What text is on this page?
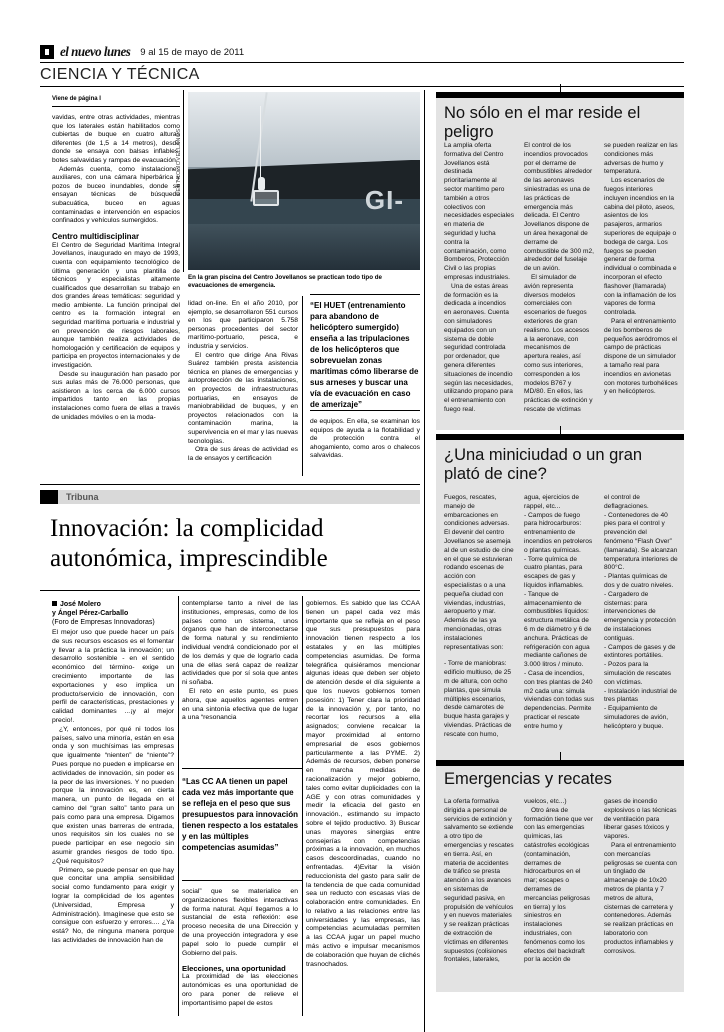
el nuevo lunes 9 al 15 de mayo de 2011
CIENCIA Y TÉCNICA
Viene de página I

vavidas, entre otras actividades, mientras que los laterales están habilitados como cubiertas de buque en cuatro alturas diferentes (de 1,5 a 14 metros), desde donde se ensaya con balsas inflables, botes salvavidas y rampas de evacuación.

Además cuenta, como instalaciones auxiliares, con una cámara hiperbárica y pozos de buceo inundables, donde se ensayan técnicas de búsqueda subacuática, buceo en aguas contaminadas e intervención en espacios confinados y vehículos sumergidos.

Centro multidisciplinar

El Centro de Seguridad Marítima Integral Jovellanos, inaugurado en mayo de 1993, cuenta con equipamiento tecnológico de última generación y una plantilla de técnicos y especialistas altamente cualificados que desarrollan su trabajo en dos grandes áreas temáticas: seguridad y medio ambiente. La función principal del centro es la formación integral en seguridad marítima portuaria e industrial y en prevención de riesgos laborales, aunque también realiza actividades de homologación y certificación de equipos y participa en proyectos internacionales y de investigación.

Desde su inauguración han pasado por sus aulas más de 76.000 personas, que asistieron a los cerca de 6.000 cursos impartidos tanto en las propias instalaciones como fuera de ellas a través de unidades móviles o en la moda-

GI-
CENTRO JOVELLANOS
En la gran piscina del Centro Jovellanos se practican todo tipo de evacuaciones de emergencia.

lidad on-line. En el año 2010, por ejemplo, se desarrollaron 551 cursos en los que participaron 5.758 personas procedentes del sector marítimo-portuario, pesca, e industria y servicios.

El centro que dirige Ana Rivas Suárez también presta asistencia técnica en planes de emergencias y autoprotección de las instalaciones, en proyectos de infraestructuras portuarias, en ensayos de maniobrabilidad de buques, y en proyectos relacionados con la contaminación marina, la supervivencia en el mar y las nuevas tecnologías.

Otra de sus áreas de actividad es la de ensayos y certificación

“El HUET (entrenamiento para abandono de helicóptero sumergido) enseña a las tripulaciones de los helicópteros que sobrevuelan zonas marítimas cómo liberarse de sus arneses y buscar una vía de evacuación en caso de amerizaje”

de equipos. En ella, se examinan los equipos de ayuda a la flotabilidad y de protección contra el ahogamiento, como aros o chalecos salvavidas.

Tribuna
Innovación: la complicidad autonómica, imprescindible
José Molero
y Ángel Pérez-Carballo
(Foro de Empresas Innovadoras)

El mejor uso que puede hacer un país de sus recursos escasos es el fomentar y llevar a la práctica la innovación; un desarrollo sostenible - en el sentido económico del término- exige un crecimiento importante de las exportaciones y eso implica un producto/servicio de innovación, con perfil de características, prestaciones y calidad dominantes ...¡y al mejor precio!.

¿Y, entonces, por qué ni todos los países, salvo una minoría, están en esa onda y son muchísimas las empresas que igualmente “nienten” de “niente”? Pues porque no pueden e implicarse en actividades de innovación, sin poder es la peor de las inversiones. Y no pueden porque la innovación es, en cierta manera, un punto de llegada en el camino del “gran salto” tanto para un país como para una empresa. Digamos que existen unas barreras de entrada, unos requisitos sin los cuales no se puede participar en ese negocio sin asumir grandes riesgos de todo tipo. ¿Qué requisitos?

Primero, se puede pensar en que hay que concitar una amplia sensibilidad social como fundamento para exigir y lograr la complicidad de los agentes (Universidad, Empresa y Administración). Imagínese que esto se consigue con esfuerzo y errores.... ¿Ya está? No, de ninguna manera porque las actividades de innovación han de

contemplarse tanto a nivel de las instituciones, empresas, como de los países como un sistema, unos órganos que han de interconectarse de forma natural y su rendimiento individual vendrá condicionado por el de los demás y que de lograrlo cada una de ellas será capaz de realizar actividades que por sí sola que antes ni soñaba.

El reto en este punto, es pues ahora, que aquellos agentes entren en una sintonía efectiva que de lugar a una “resonancia

“Las CC AA tienen un papel cada vez más importante que se refleja en el peso que sus presupuestos para innovación tienen respecto a los estatales y en las múltiples competencias asumidas”

social” que se materialice en organizaciones flexibles interactivas de forma natural. Aquí llegamos a lo sustancial de esta reflexión: ese proceso necesita de una Dirección y de una proyección integradora y ese papel solo lo puede cumplir el Gobierno del país.

Elecciones, una oportunidad

La proximidad de las elecciones autonómicas es una oportunidad de oro para poner de relieve el importantísimo papel de estos

gobiernos. Es sabido que las CCAA tienen un papel cada vez más importante que se refleja en el peso que sus presupuestos para innovación tienen respecto a los estatales y en las múltiples competencias asumidas. De forma telegráfica quisiéramos mencionar algunas ideas que deben ser objeto de atención desde el día siguiente a que los nuevos gobiernos tomen posesión: 1) Tener clara la prioridad de la innovación y, por tanto, no recortar los recursos a ella asignados; conviene recalcar la mayor proximidad al entorno empresarial de esos gobiernos particularmente a las PYME. 2) Además de recursos, deben ponerse en marcha medidas de racionalización y mejor gobierno, tales como evitar duplicidades con la AGE y con otras comunidades y medir la eficacia del gasto en innovación., estimando su impacto sobre el tejido productivo. 3) Buscar unas mayores sinergias entre consejerías con competencias próximas a la innovación, en muchos casos descoordinadas, cuando no enfrentadas. 4)Evitar la visión reduccionista del gasto para salir de la tendencia de que cada comunidad sea un reducto con escasas vías de colaboración entre comunidades. En lo relativo a las relaciones entre las universidades y las empresas, las competencias acumuladas permiten a las CCAA jugar un papel mucho más activo e impulsar mecanismos de colaboración que huyan de clichés trasnochados.

No sólo en el mar reside el peligro

La amplia oferta formativa del Centro Jovellanos está destinada prioritariamente al sector marítimo pero también a otros colectivos con necesidades especiales en materia de seguridad y lucha contra la contaminación, como Bomberos, Protección Civil o las propias empresas industriales.

Una de estas áreas de formación es la dedicada a incendios en aeronaves. Cuenta con simuladores equipados con un sistema de doble seguridad controlada por ordenador, que genera diferentes situaciones de incendio según las necesidades, utilizando propano para el entrenamiento con fuego real.

El control de los incendios provocados por el derrame de combustibles alrededor de las aeronaves siniestradas es una de las prácticas de emergencia más delicada. El Centro Jovellanos dispone de un área hexagonal de derrame de combustible de 300 m2, alrededor del fuselaje de un avión.

El simulador de avión representa diversos modelos comerciales con escenarios de fuegos exteriores de gran realismo. Los accesos a la aeronave, con mecanismos de apertura reales, así como sus interiores, corresponden a los modelos B767 y MD/80. En ellos, las prácticas de extinción y rescate de víctimas

se pueden realizar en las condiciones más adversas de humo y temperatura.

Los escenarios de fuegos interiores incluyen incendios en la cabina del piloto, aseos, asientos de los pasajeros, armarios superiores de equipaje o bodega de carga. Los fuegos se pueden generar de forma individual o combinada e incorporan el efecto flashover (llamarada) con la inflamación de los vapores de forma controlada.

Para el entrenamiento de los bomberos de pequeños aeródromos el campo de prácticas dispone de un simulador a tamaño real para incendios en avionetas con motores turbohélices y en helicópteros.

¿Una miniciudad o un gran plató de cine?

Fuegos, rescates, manejo de embarcaciones en condiciones adversas. El devenir del centro Jovellanos se asemeja al de un estudio de cine en el que se estuvieran rodando escenas de acción con especialistas o a una pequeña ciudad con viviendas, industrias, aeropuerto y mar. Además de las ya mencionadas, otras instalaciones representativas son:

- Torre de maniobras: edificio multiuso, de 25 m de altura, con ocho plantas, que simula múltiples escenarios, desde camarotes de buque hasta garajes y viviendas. Prácticas de rescate con humo,

agua, ejercicios de rappel, etc...

- Campos de fuego para hidrocarburos: entrenamiento de incendios en petroleros o plantas químicas.

- Torre química de cuatro plantas, para escapes de gas y líquidos inflamables.

- Tanque de almacenamiento de combustibles líquidos: estructura metálica de 6 m de diámetro y 6 de anchura. Prácticas de refrigeración con agua mediante cañones de 3.000 litros / minuto.

- Casa de incendios, con tres plantas de 240 m2 cada una: simula viviendas con todas sus dependencias. Permite practicar el rescate entre humo y

el control de deflagraciones.

- Contenedores de 40 pies para el control y prevención del fenómeno “Flash Over” (llamarada). Se alcanzan temperatura interiores de 800°C.

- Plantas químicas de dos y de cuatro niveles.

- Cargadero de cisternas: para intervenciones de emergencia y protección de instalaciones contiguas.

- Campos de gases y de extintores portátiles.

- Pozos para la simulación de rescates con víctimas.

- Instalación industrial de tres plantas

- Equipamiento de simuladores de avión, helicóptero y buque.

Emergencias y recates

La oferta formativa dirigida a personal de servicios de extinción y salvamento se extiende a otro tipo de emergencias y rescates en tierra. Así, en materia de accidentes de tráfico se presta atención a los avances en sistemas de seguridad pasiva, en propulsión de vehículos y en nuevos materiales y se realizan prácticas de extracción de víctimas en diferentes supuestos (colisiones frontales, laterales,

vuelcos, etc...)

Otro área de formación tiene que ver con las emergencias químicas, las catástrofes ecológicas (contaminación, derrames de hidrocarburos en el mar; escapes o derrames de mercancías peligrosas en tierra) y los siniestros en instalaciones industriales, con fenómenos como los efectos del backdraft por la acción de

gases de incendio explosivos o las técnicas de ventilación para liberar gases tóxicos y vapores.

Para el entrenamiento con mercancías peligrosas se cuenta con un tinglado de almacenaje de 10x20 metros de planta y 7 metros de altura, cisternas de carretera y contenedores. Además se realizan prácticas en laboratorio con productos inflamables y corrosivos.
